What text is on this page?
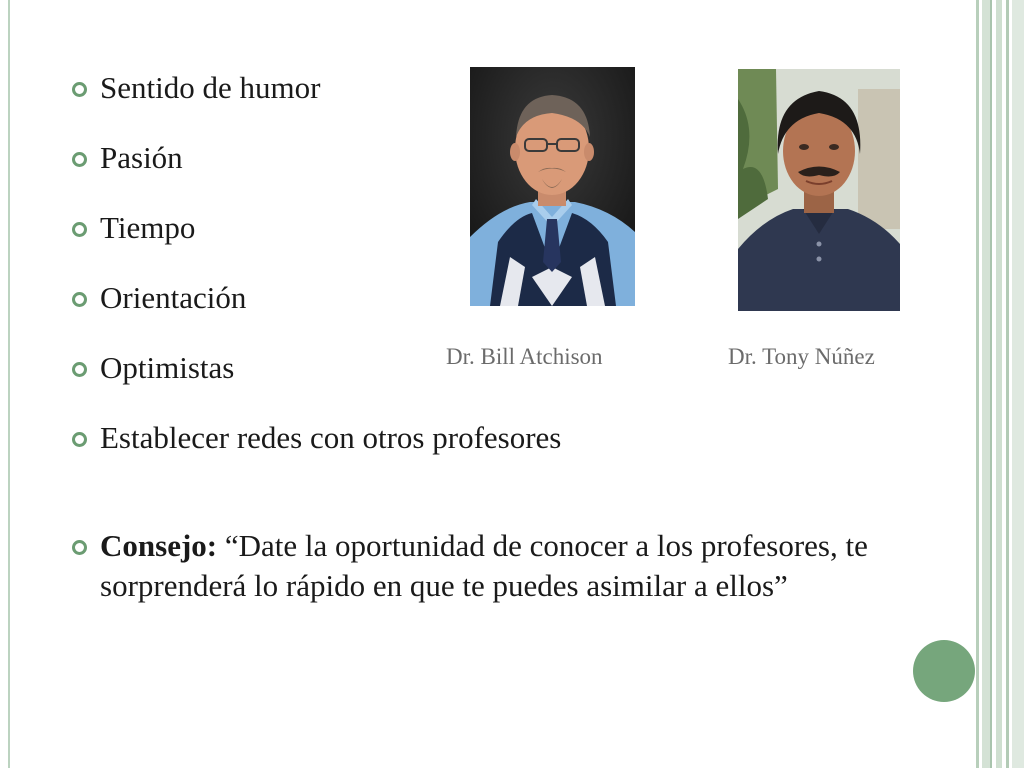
Sentido de humor
Pasión
Tiempo
Orientación
Optimistas
Establecer redes con otros profesores
Consejo: “Date la oportunidad de conocer a los profesores, te sorprenderá lo rápido en que te puedes asimilar a ellos”
Dr. Bill Atchison	Dr. Tony Núñez
